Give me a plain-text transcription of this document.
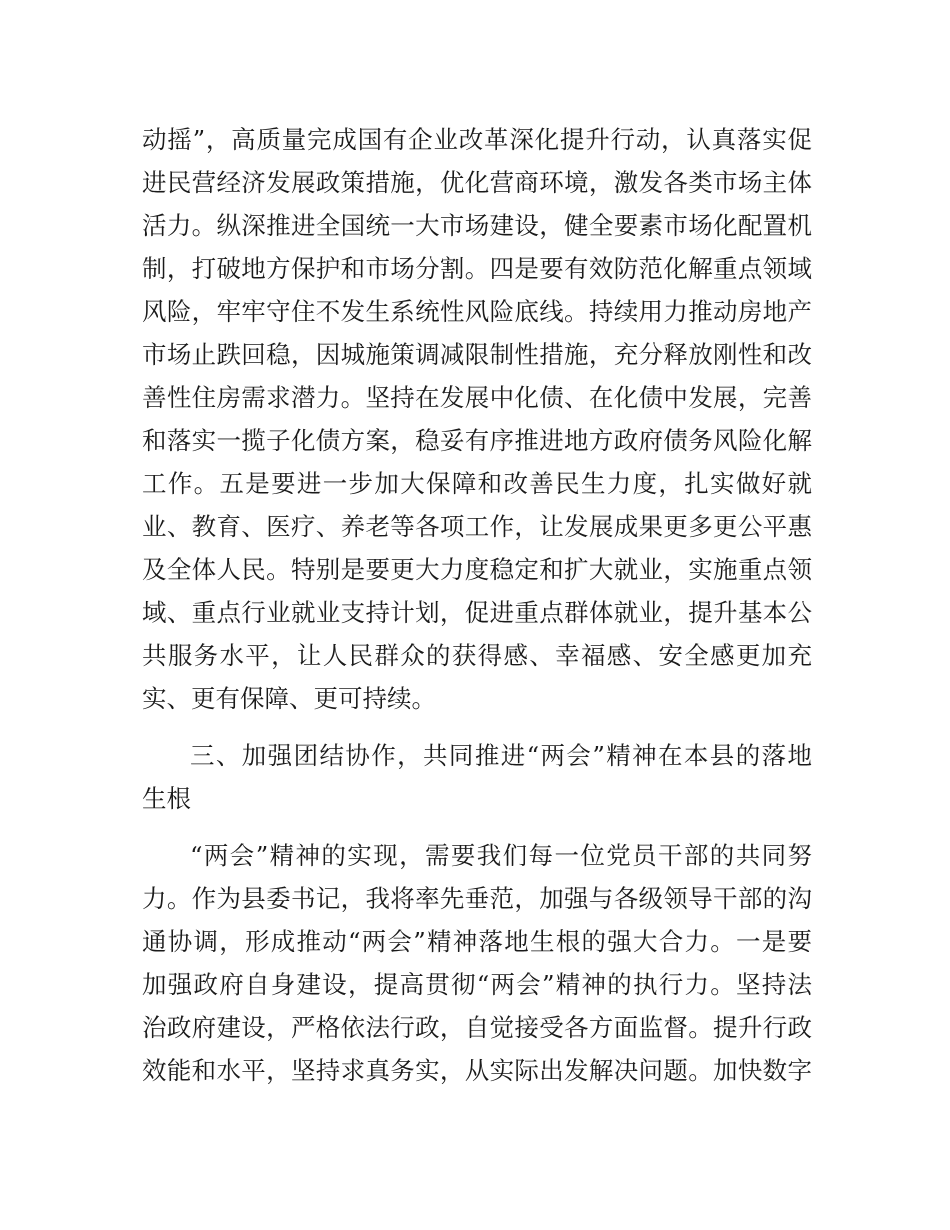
动摇”，高质量完成国有企业改革深化提升行动，认真落实促
进民营经济发展政策措施，优化营商环境，激发各类市场主体
活力。纵深推进全国统一大市场建设，健全要素市场化配置机
制，打破地方保护和市场分割。四是要有效防范化解重点领域
风险，牢牢守住不发生系统性风险底线。持续用力推动房地产
市场止跌回稳，因城施策调减限制性措施，充分释放刚性和改
善性住房需求潜力。坚持在发展中化债、在化债中发展，完善
和落实一揽子化债方案，稳妥有序推进地方政府债务风险化解
工作。五是要进一步加大保障和改善民生力度，扎实做好就
业、教育、医疗、养老等各项工作，让发展成果更多更公平惠
及全体人民。特别是要更大力度稳定和扩大就业，实施重点领
域、重点行业就业支持计划，促进重点群体就业，提升基本公
共服务水平，让人民群众的获得感、幸福感、安全感更加充
实、更有保障、更可持续。
三、加强团结协作，共同推进“两会”精神在本县的落地
生根
“两会”精神的实现，需要我们每一位党员干部的共同努
力。作为县委书记，我将率先垂范，加强与各级领导干部的沟
通协调，形成推动“两会”精神落地生根的强大合力。一是要
加强政府自身建设，提高贯彻“两会”精神的执行力。坚持法
治政府建设，严格依法行政，自觉接受各方面监督。提升行政
效能和水平，坚持求真务实，从实际出发解决问题。加快数字
